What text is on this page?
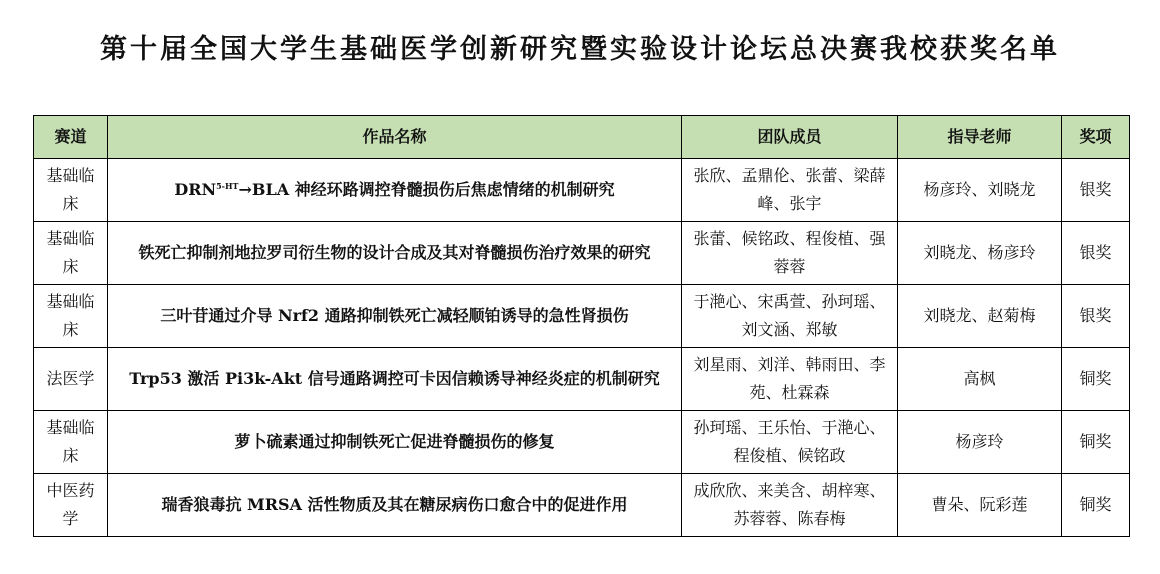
第十届全国大学生基础医学创新研究暨实验设计论坛总决赛我校获奖名单
赛道	作品名称	团队成员	指导老师	奖项
基础临床	$DRN^{5-HT}\to BLA$ 神经环路调控脊髓损伤后焦虑情绪的机制研究	张欣、孟鼎伦、张蕾、梁薛峰、张宇	杨彦玲、刘晓龙	银奖
基础临床	铁死亡抑制剂地拉罗司衍生物的设计合成及其对脊髓损伤治疗效果的研究	张蕾、候铭政、程俊植、强蓉蓉	刘晓龙、杨彦玲	银奖
基础临床	三叶苷通过介导 Nrf2 通路抑制铁死亡减轻顺铂诱导的急性肾损伤	于滟心、宋禹萱、孙珂瑶、刘文涵、郑敏	刘晓龙、赵菊梅	银奖
法医学	Trp53 激活 Pi3k-Akt 信号通路调控可卡因信赖诱导神经炎症的机制研究	刘星雨、刘洋、韩雨田、李苑、杜霖森	高枫	铜奖
基础临床	萝卜硫素通过抑制铁死亡促进脊髓损伤的修复	孙珂瑶、王乐怡、于滟心、程俊植、候铭政	杨彦玲	铜奖
中医药学	瑞香狼毒抗 MRSA 活性物质及其在糖尿病伤口愈合中的促进作用	成欣欣、来美含、胡梓寒、苏蓉蓉、陈春梅	曹朵、阮彩莲	铜奖
